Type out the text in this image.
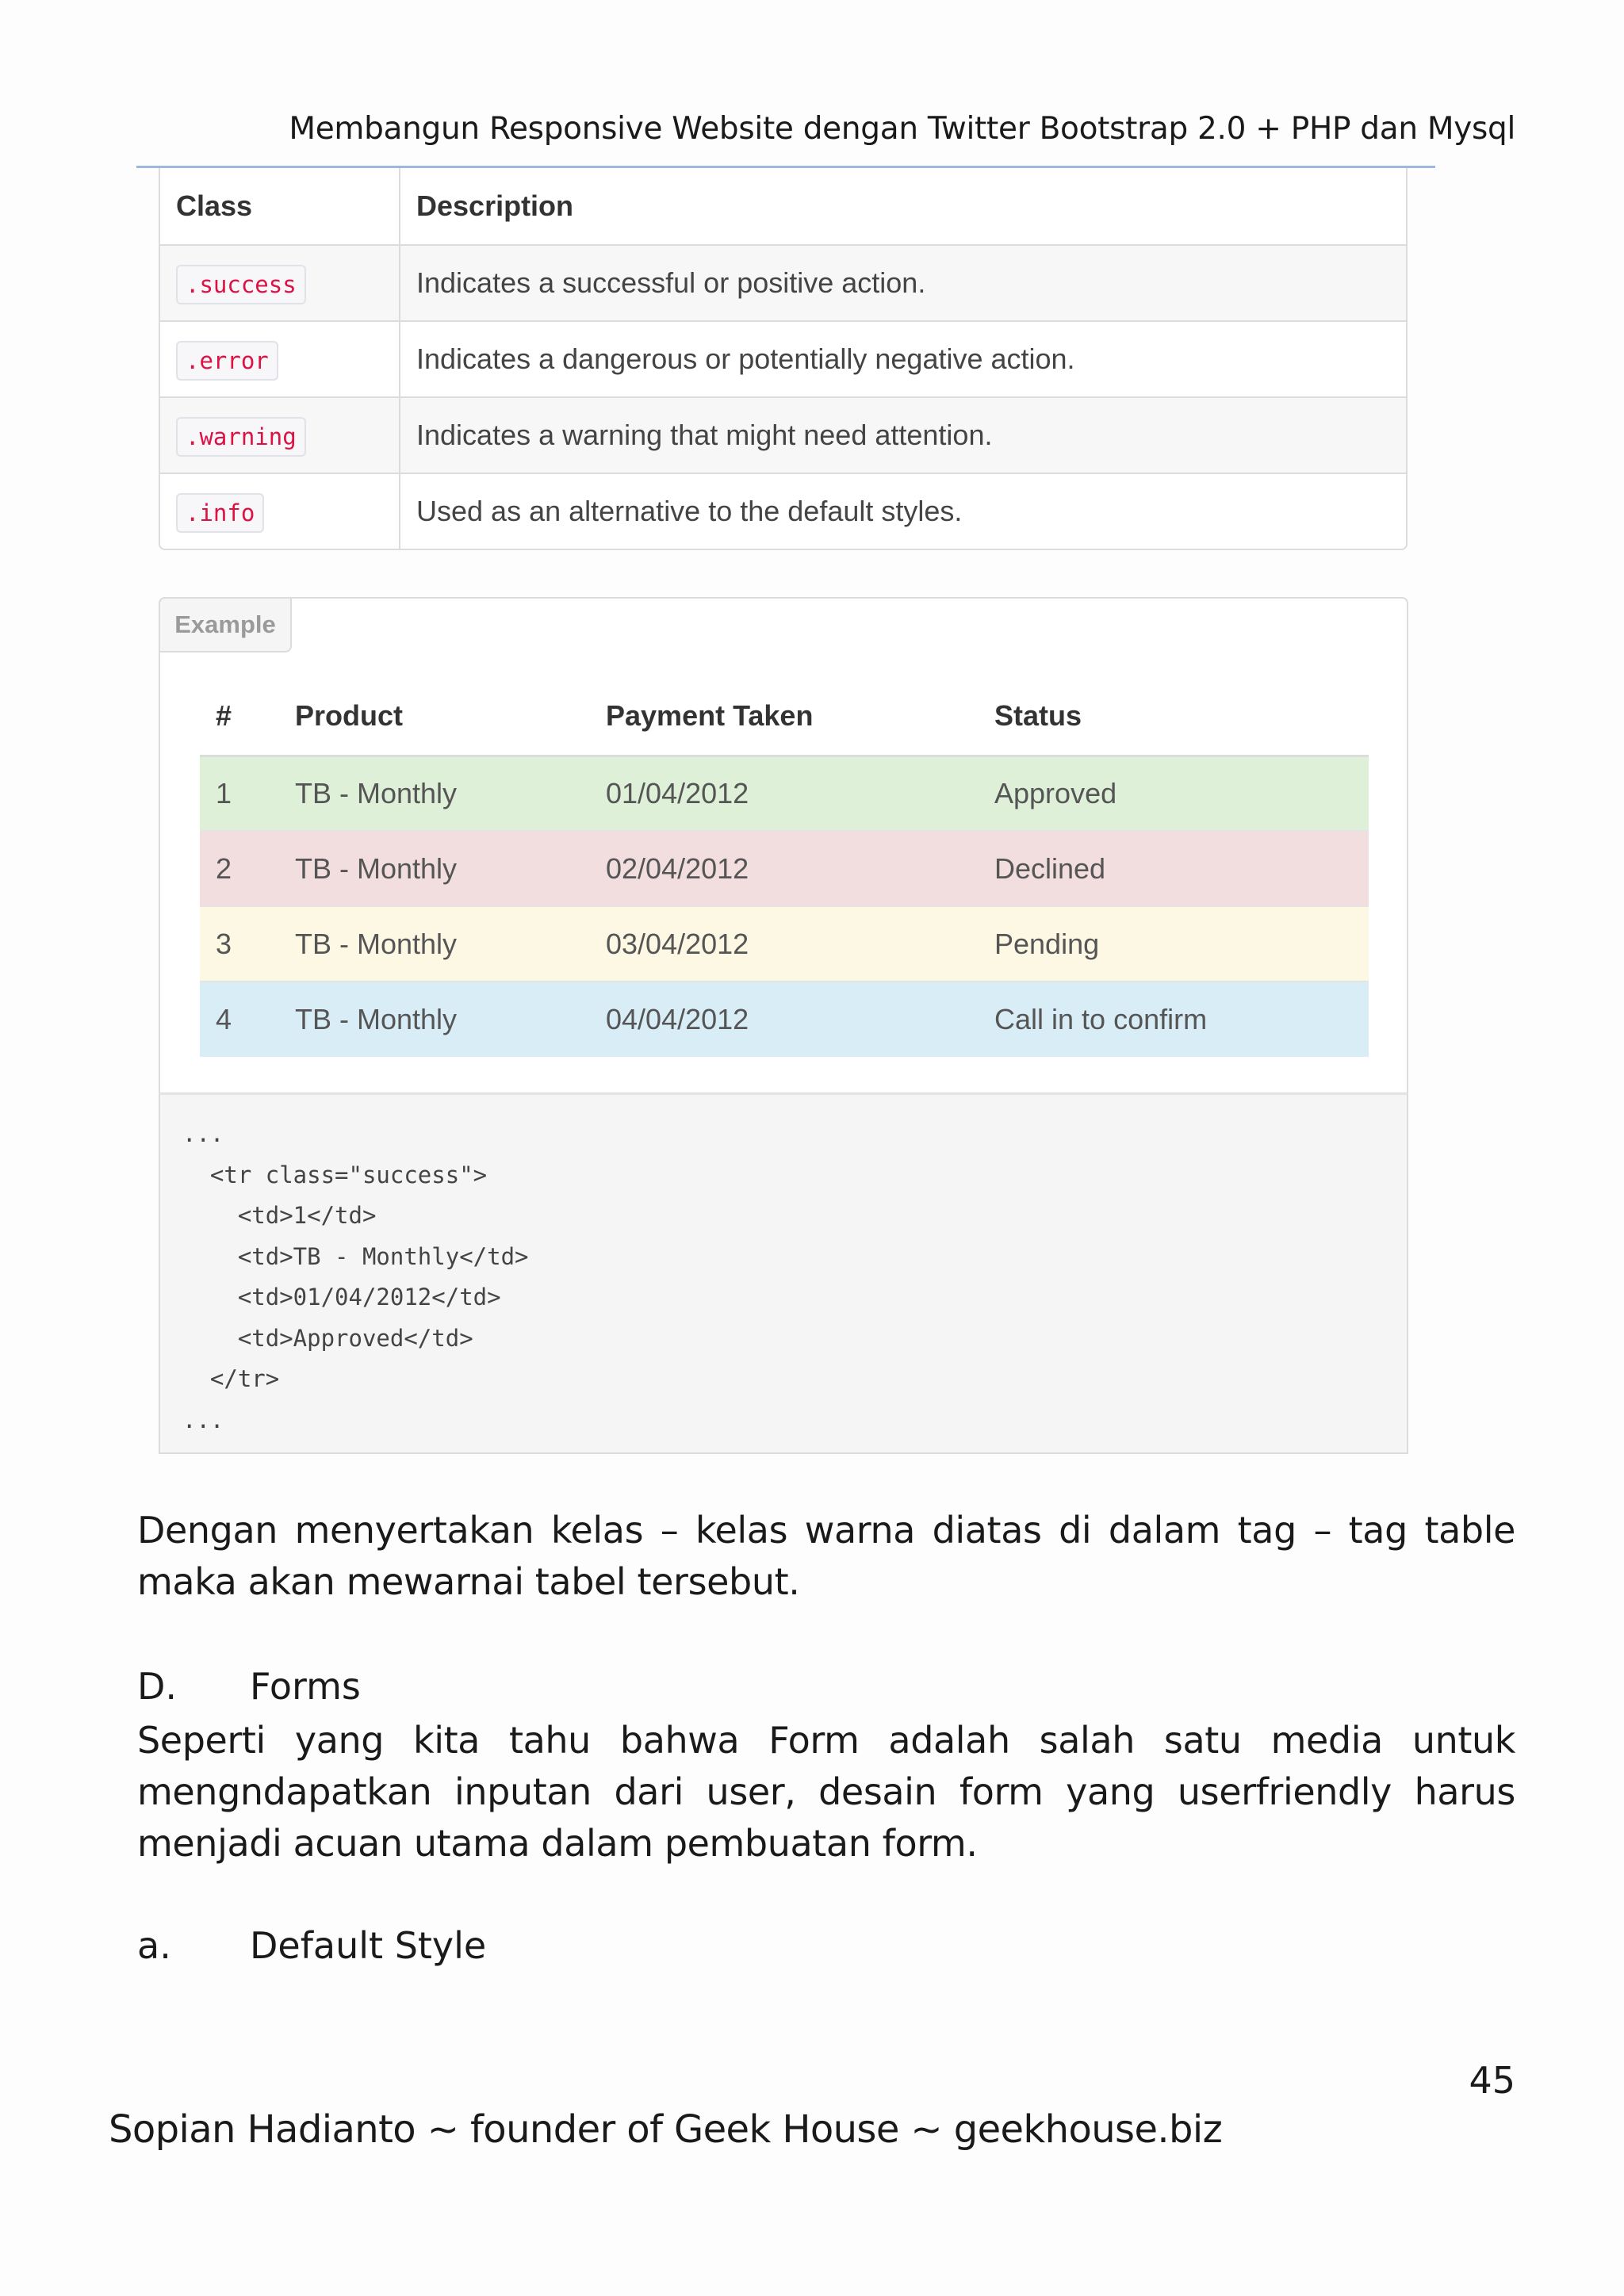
Membangun Responsive Website dengan Twitter Bootstrap 2.0 + PHP dan Mysql
Class	Description
.success	Indicates a successful or positive action.
.error	Indicates a dangerous or potentially negative action.
.warning	Indicates a warning that might need attention.
.info	Used as an alternative to the default styles.
Example
#	Product	Payment Taken	Status
1	TB - Monthly	01/04/2012	Approved
2	TB - Monthly	02/04/2012	Declined
3	TB - Monthly	03/04/2012	Pending
4	TB - Monthly	04/04/2012	Call in to confirm
...
<tr class="success">
<td>1</td>
<td>TB - Monthly</td>
<td>01/04/2012</td>
<td>Approved</td>
</tr>
...
Dengan menyertakan kelas – kelas warna diatas di dalam tag – tag table maka akan mewarnai tabel tersebut.
D. Forms
Seperti yang kita tahu bahwa Form adalah salah satu media untuk mengndapatkan inputan dari user, desain form yang userfriendly harus menjadi acuan utama dalam pembuatan form.
a. Default Style
45
Sopian Hadianto ~ founder of Geek House ~ geekhouse.biz
